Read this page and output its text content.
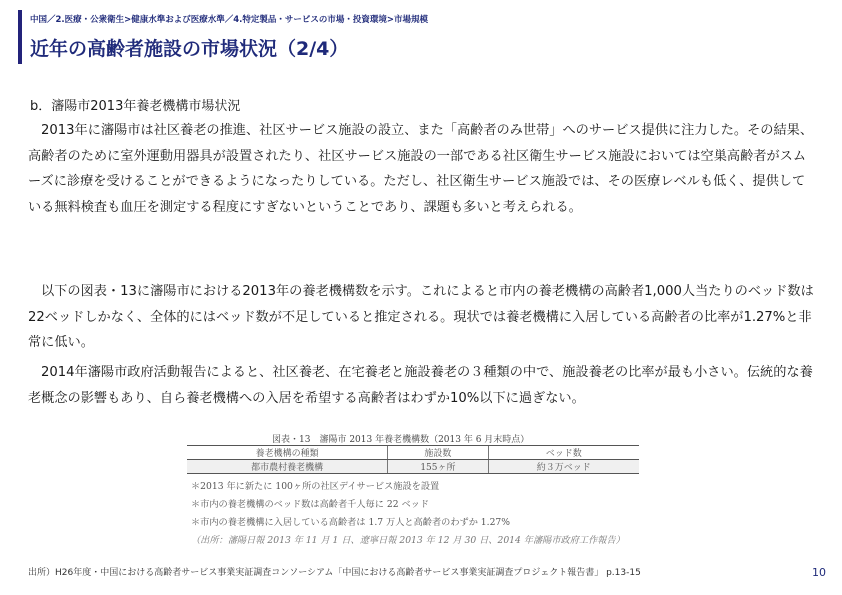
中国／2.医療・公衆衛生>健康水準および医療水準／4.特定製品・サービスの市場・投資環境>市場規模
近年の高齢者施設の市場状況（2/4）
b．瀋陽市2013年養老機構市場状況

2013年に瀋陽市は社区養老の推進、社区サービス施設の設立、また「高齢者のみ世帯」へのサービス提供に注力した。その結果、高齢者のために室外運動用器具が設置されたり、社区サービス施設の一部である社区衛生サービス施設においては空巣高齢者がスムーズに診療を受けることができるようになったりしている。ただし、社区衛生サービス施設では、その医療レベルも低く、提供している無料検査も血圧を測定する程度にすぎないということであり、課題も多いと考えられる。

以下の図表・13に瀋陽市における2013年の養老機構数を示す。これによると市内の養老機構の高齢者1,000人当たりのベッド数は22ベッドしかなく、全体的にはベッド数が不足していると推定される。現状では養老機構に入居している高齢者の比率が1.27%と非常に低い。

2014年瀋陽市政府活動報告によると、社区養老、在宅養老と施設養老の３種類の中で、施設養老の比率が最も小さい。伝統的な養老概念の影響もあり、自ら養老機構への入居を希望する高齢者はわずか10%以下に過ぎない。

図表・13　瀋陽市 2013 年養老機構数（2013 年 6 月末時点）
養老機構の種類	施設数	ベッド数
都市農村養老機構	155ヶ所	約３万ベッド
＊2013 年に新たに 100ヶ所の社区デイサービス施設を設置
＊市内の養老機構のベッド数は高齢者千人毎に 22 ベッド
＊市内の養老機構に入居している高齢者は 1.7 万人と高齢者のわずか 1.27%
（出所：瀋陽日報 2013 年 11 月 1 日、遼寧日報 2013 年 12 月 30 日、2014 年瀋陽市政府工作報告）
出所）H26年度・中国における高齢者サービス事業実証調査コンソーシアム「中国における高齢者サービス事業実証調査プロジェクト報告書」 p.13-15	10
